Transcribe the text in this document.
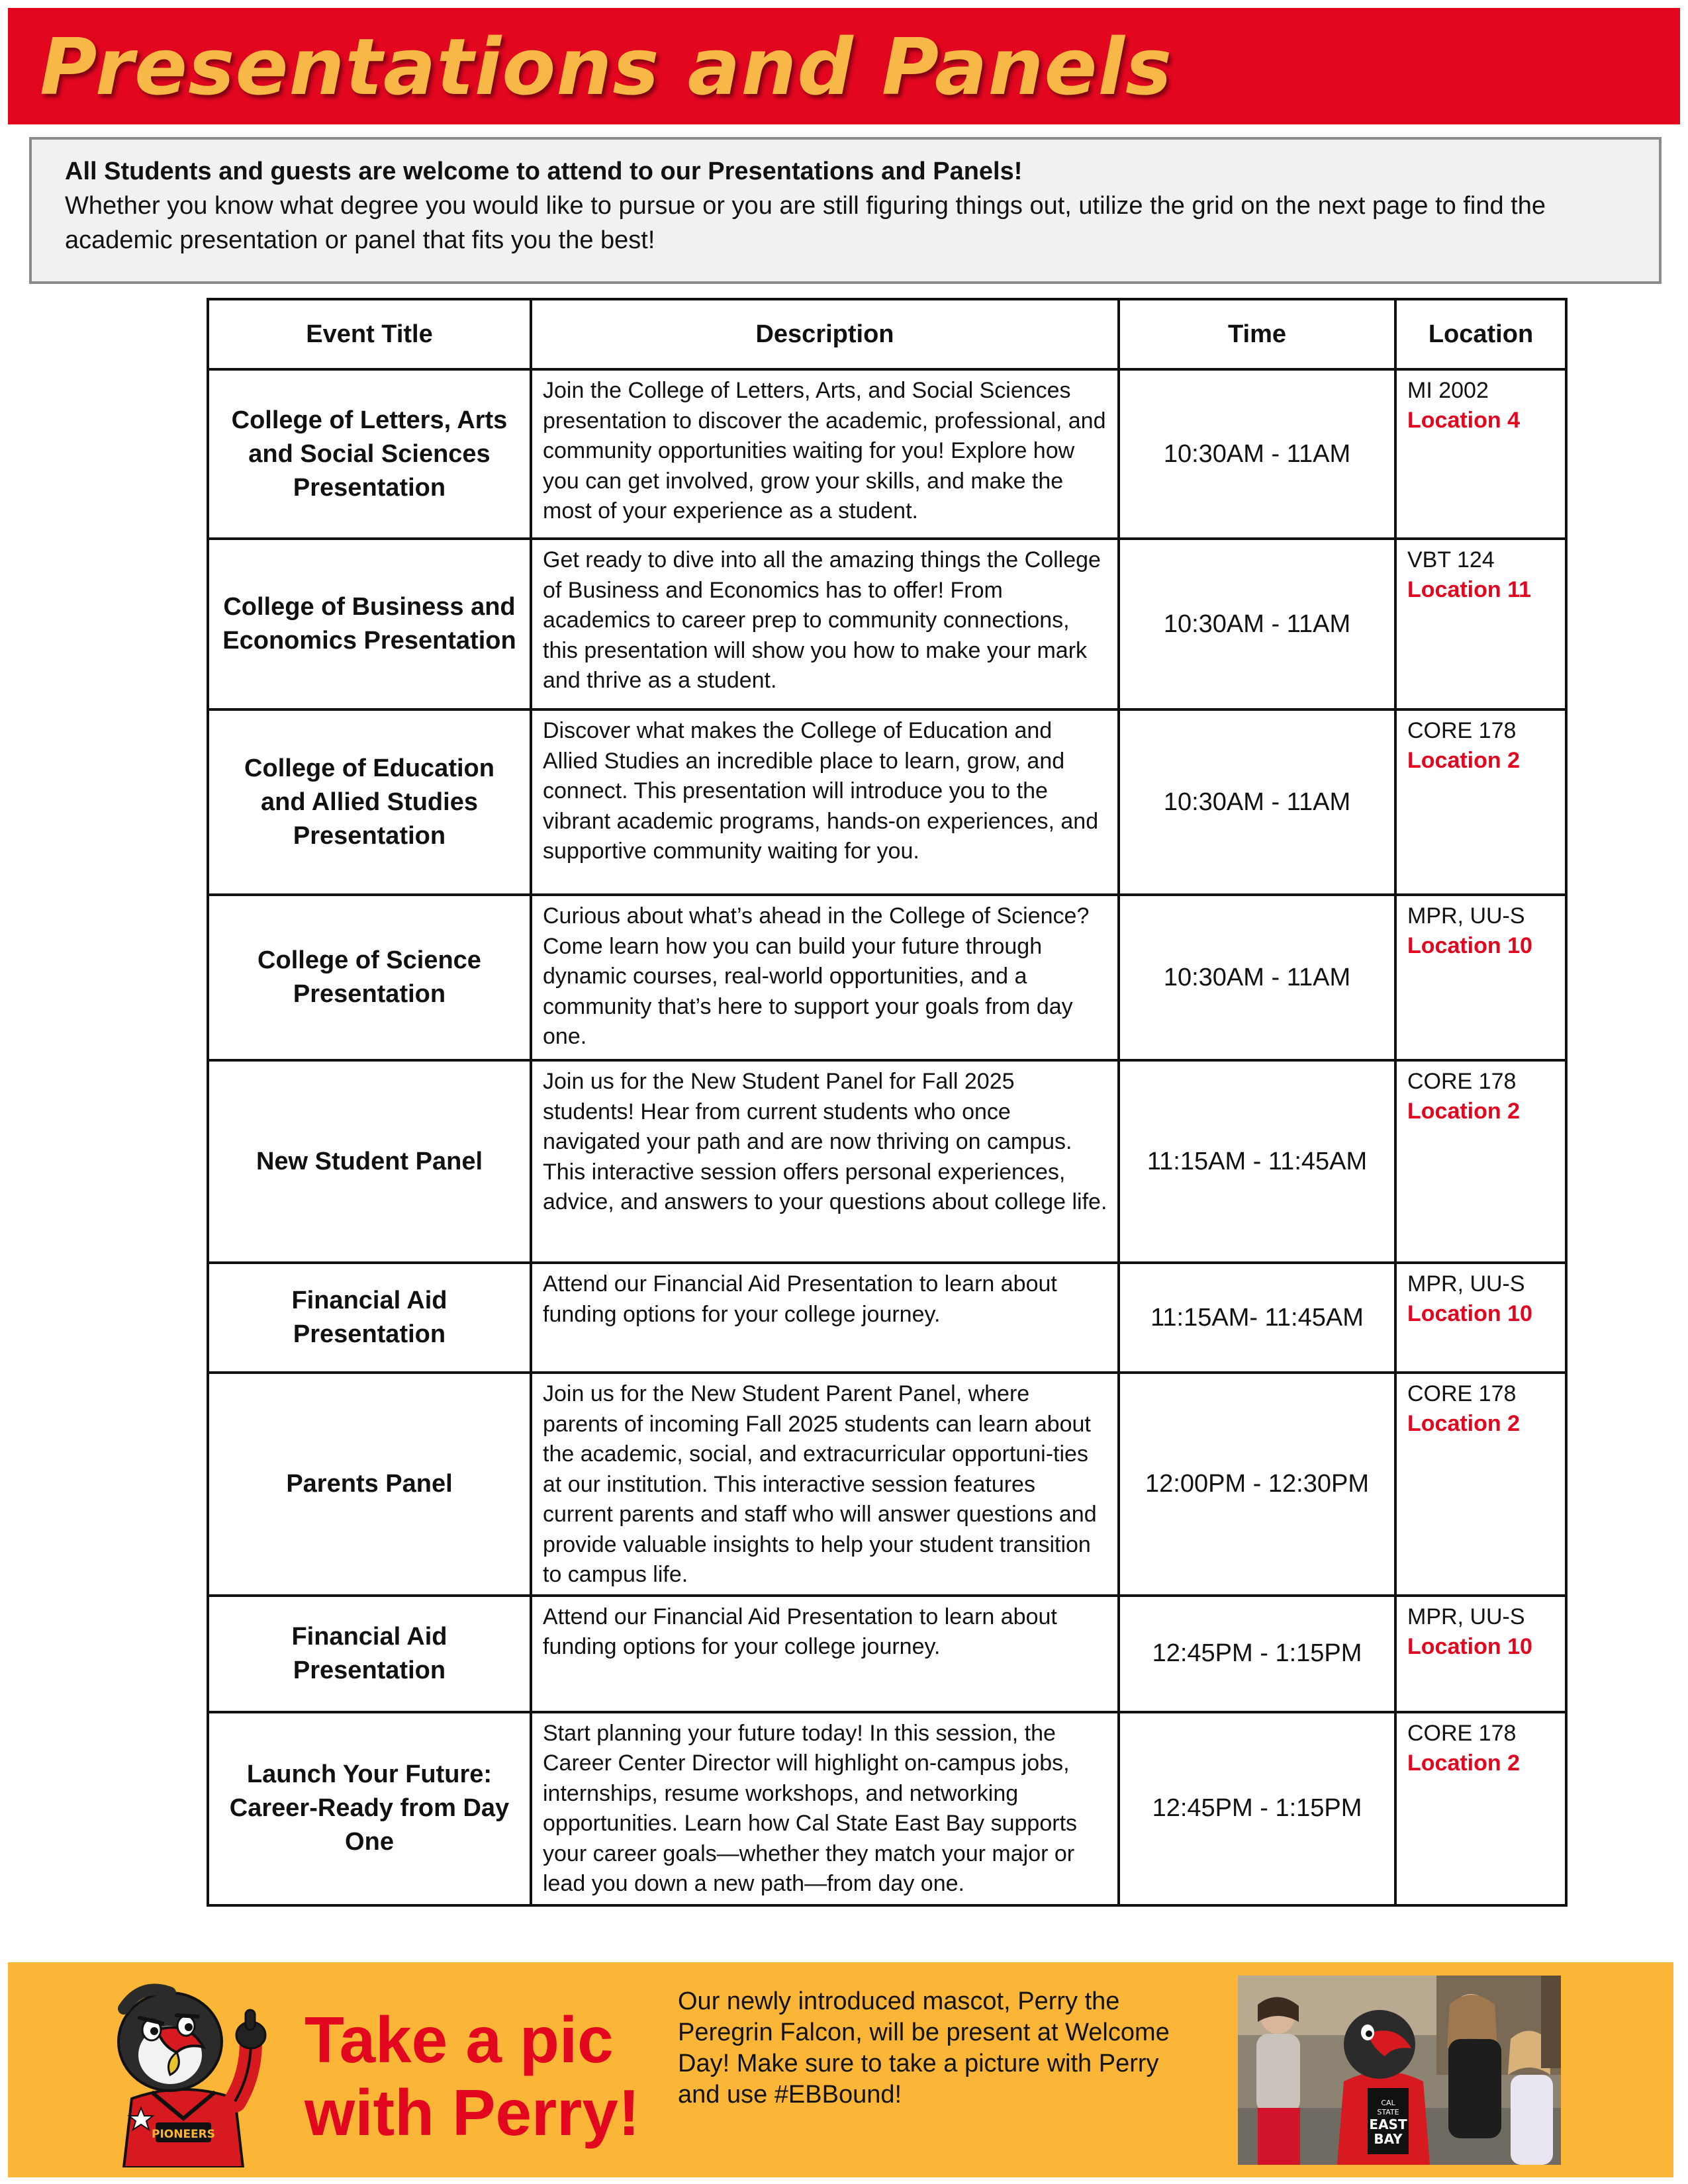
Presentations and Panels
All Students and guests are welcome to attend to our Presentations and Panels!
Whether you know what degree you would like to pursue or you are still figuring things out, utilize the grid on the next page to find the academic presentation or panel that fits you the best!
Event Title	Description	Time	Location
College of Letters, Arts and Social Sciences Presentation	Join the College of Letters, Arts, and Social Sciences presentation to discover the academic, professional, and community opportunities waiting for you! Explore how you can get involved, grow your skills, and make the most of your experience as a student.	10:30AM - 11AM	MI 2002
Location 4

College of Business and Economics Presentation	Get ready to dive into all the amazing things the College of Business and Economics has to offer! From academics to career prep to community connections, this presentation will show you how to make your mark and thrive as a student.	10:30AM - 11AM	VBT 124
Location 11

College of Education and Allied Studies Presentation	Discover what makes the College of Education and Allied Studies an incredible place to learn, grow, and connect. This presentation will introduce you to the vibrant academic programs, hands-on experiences, and supportive community waiting for you.	10:30AM - 11AM	CORE 178
Location 2

College of Science Presentation	Curious about what’s ahead in the College of Science? Come learn how you can build your future through dynamic courses, real-world opportunities, and a community that’s here to support your goals from day one.	10:30AM - 11AM	MPR, UU-S
Location 10

New Student Panel	Join us for the New Student Panel for Fall 2025 students! Hear from current students who once navigated your path and are now thriving on campus. This interactive session offers personal experiences, advice, and answers to your questions about college life.	11:15AM - 11:45AM	CORE 178
Location 2

Financial Aid Presentation	Attend our Financial Aid Presentation to learn about funding options for your college journey.	11:15AM- 11:45AM	MPR, UU-S
Location 10

Parents Panel	Join us for the New Student Parent Panel, where parents of incoming Fall 2025 students can learn about the academic, social, and extracurricular opportuni-ties at our institution. This interactive session features current parents and staff who will answer questions and provide valuable insights to help your student transition to campus life.	12:00PM - 12:30PM	CORE 178
Location 2

Financial Aid Presentation	Attend our Financial Aid Presentation to learn about funding options for your college journey.	12:45PM - 1:15PM	MPR, UU-S
Location 10

Launch Your Future: Career-Ready from Day One	Start planning your future today! In this session, the Career Center Director will highlight on-campus jobs, internships, resume workshops, and networking opportunities. Learn how Cal State East Bay supports your career goals—whether they match your major or lead you down a new path—from day one.	12:45PM - 1:15PM	CORE 178
Location 2
PIONEERS
Take a pic
with Perry!
Our newly introduced mascot, Perry the Peregrin Falcon, will be present at Welcome Day! Make sure to take a picture with Perry and use #EBBound!	CAL
STATE
EAST
BAY
